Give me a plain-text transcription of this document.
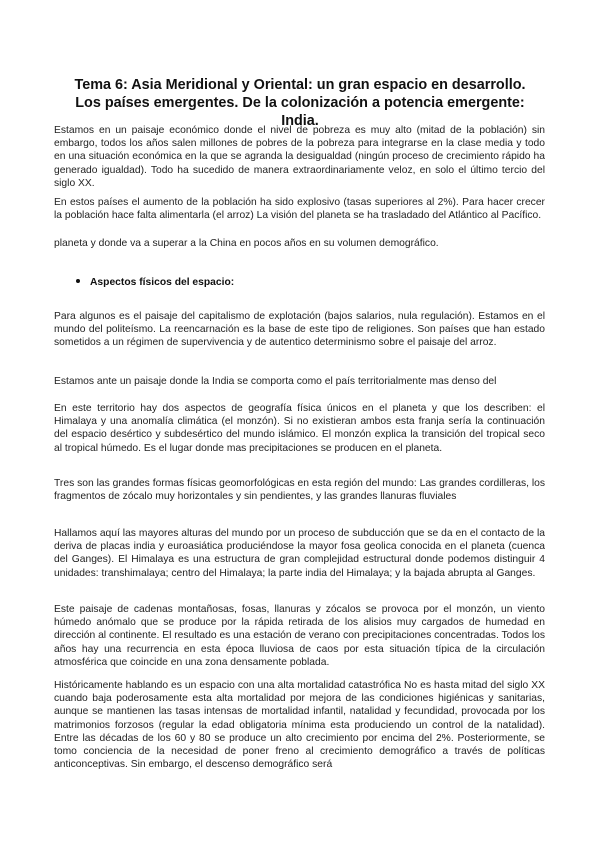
Tema 6: Asia Meridional y Oriental: un gran espacio en desarrollo. Los países emergentes. De la colonización a potencia emergente: India.

Estamos en un paisaje económico donde el nivel de pobreza es muy alto (mitad de la población) sin embargo, todos los años salen millones de pobres de la pobreza para integrarse en la clase media y todo en una situación económica en la que se agranda la desigualdad (ningún proceso de crecimiento rápido ha generado igualdad). Todo ha sucedido de manera extraordinariamente veloz, en solo el último tercio del siglo XX.

En estos países el aumento de la población ha sido explosivo (tasas superiores al 2%). Para hacer crecer la población hace falta alimentarla (el arroz) La visión del planeta se ha trasladado del Atlántico al Pacífico.

planeta y donde va a superar a la China en pocos años en su volumen demográfico.

Aspectos físicos del espacio:

Para algunos es el paisaje del capitalismo de explotación (bajos salarios, nula regulación). Estamos en el mundo del politeísmo. La reencarnación es la base de este tipo de religiones. Son países que han estado sometidos a un régimen de supervivencia y de autentico determinismo sobre el paisaje del arroz.

Estamos ante un paisaje donde la India se comporta como el país territorialmente mas denso del

En este territorio hay dos aspectos de geografía física únicos en el planeta y que los describen: el Himalaya y una anomalía climática (el monzón). Si no existieran ambos esta franja sería la continuación del espacio desértico y subdesértico del mundo islámico. El monzón explica la transición del tropical seco al tropical húmedo. Es el lugar donde mas precipitaciones se producen en el planeta.

Tres son las grandes formas físicas geomorfológicas en esta región del mundo: Las grandes cordilleras, los fragmentos de zócalo muy horizontales y sin pendientes, y las grandes llanuras fluviales

Hallamos aquí las mayores alturas del mundo por un proceso de subducción que se da en el contacto de la deriva de placas india y euroasiática produciéndose la mayor fosa geolica conocida en el planeta (cuenca del Ganges). El Himalaya es una estructura de gran complejidad estructural donde podemos distinguir 4 unidades: transhimalaya; centro del Himalaya; la parte india del Himalaya; y la bajada abrupta al Ganges.

Este paisaje de cadenas montañosas, fosas, llanuras y zócalos se provoca por el monzón, un viento húmedo anómalo que se produce por la rápida retirada de los alisios muy cargados de humedad en dirección al continente. El resultado es una estación de verano con precipitaciones concentradas. Todos los años hay una recurrencia en esta época lluviosa de caos por esta situación típica de la circulación atmosférica que coincide en una zona densamente poblada.

Históricamente hablando es un espacio con una alta mortalidad catastrófica No es hasta mitad del siglo XX cuando baja poderosamente esta alta mortalidad por mejora de las condiciones higiénicas y sanitarias, aunque se mantienen las tasas intensas de mortalidad infantil, natalidad y fecundidad, provocada por los matrimonios forzosos (regular la edad obligatoria mínima esta produciendo un control de la natalidad). Entre las décadas de los 60 y 80 se produce un alto crecimiento por encima del 2%. Posteriormente, se tomo conciencia de la necesidad de poner freno al crecimiento demográfico a través de políticas anticonceptivas. Sin embargo, el descenso demográfico será
